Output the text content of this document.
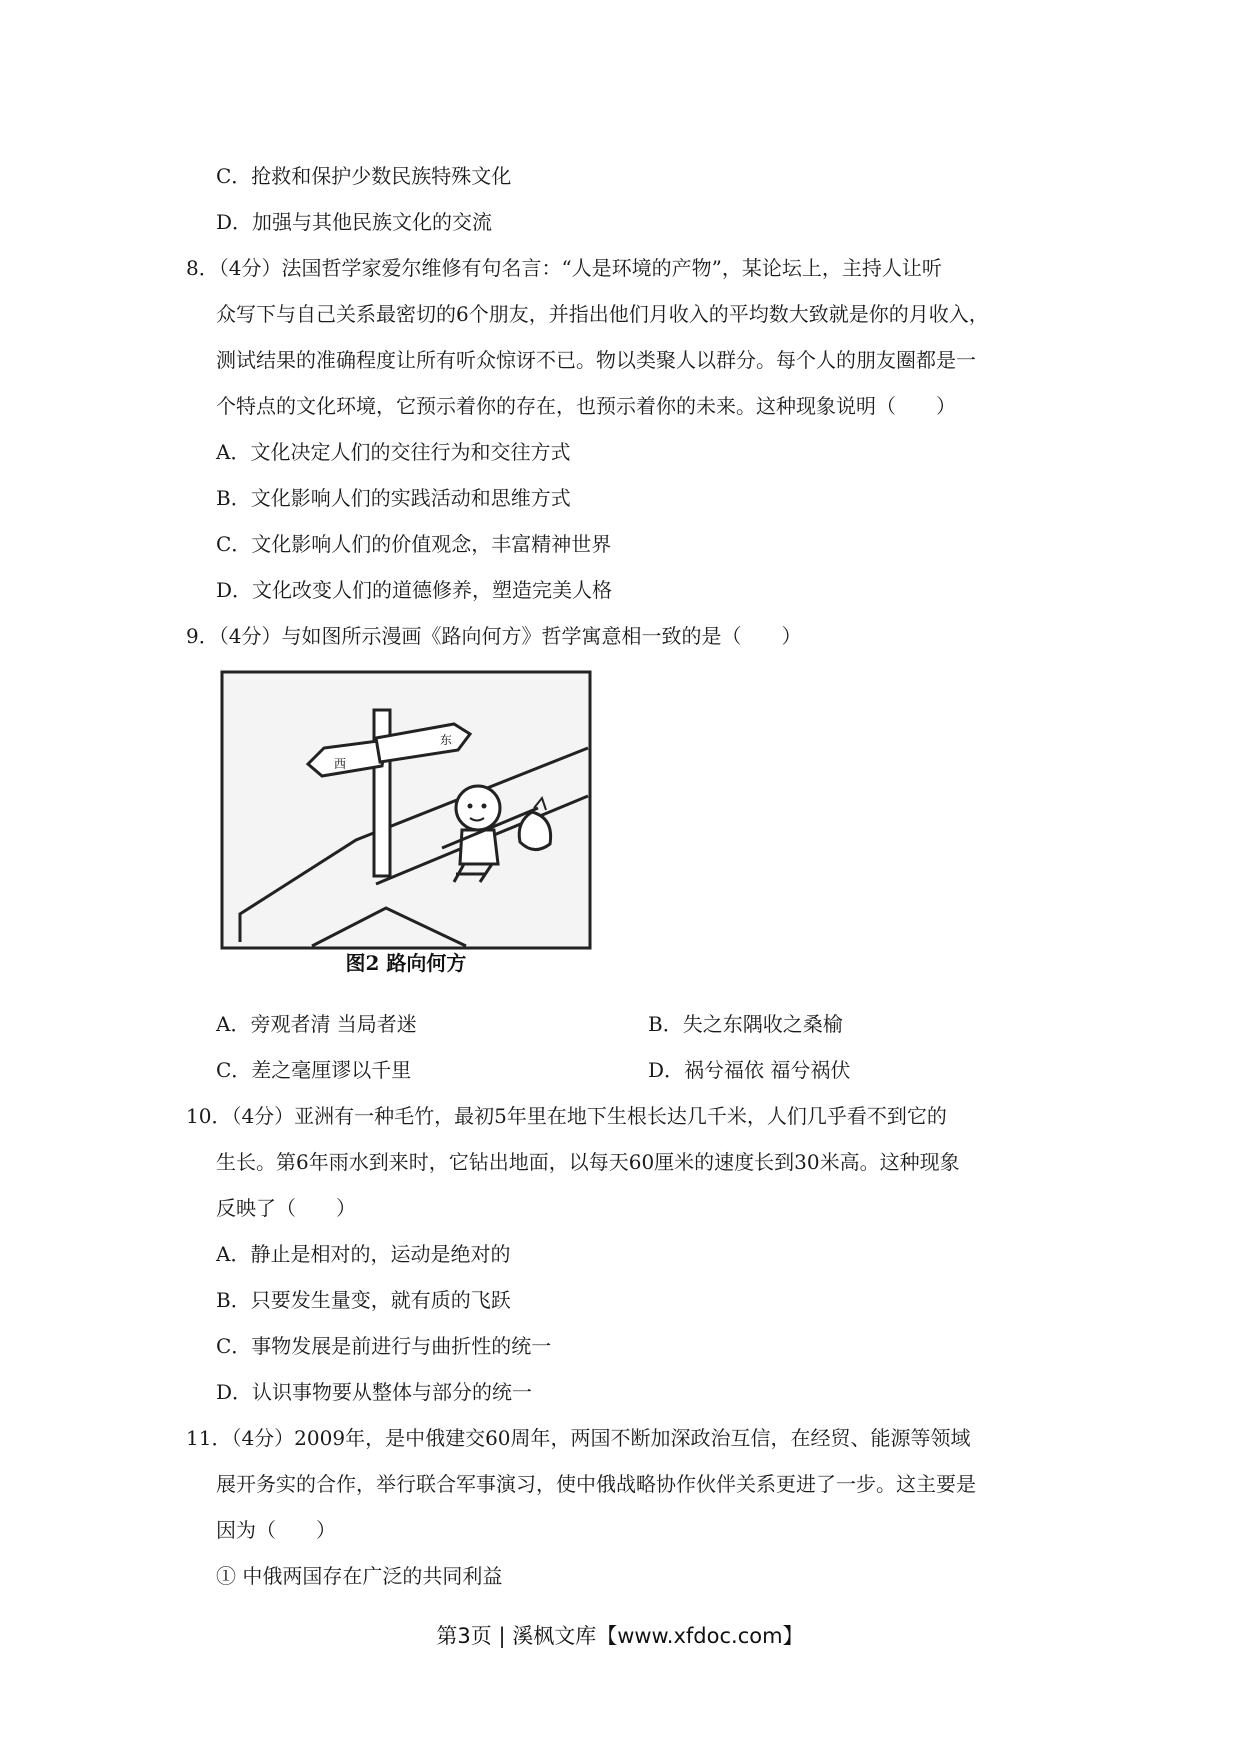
C．抢救和保护少数民族特殊文化
D．加强与其他民族文化的交流
8．（4分）法国哲学家爱尔维修有句名言：“人是环境的产物”，某论坛上，主持人让听
众写下与自己关系最密切的6个朋友，并指出他们月收入的平均数大致就是你的月收入，
测试结果的准确程度让所有听众惊讶不已。物以类聚人以群分。每个人的朋友圈都是一
个特点的文化环境，它预示着你的存在，也预示着你的未来。这种现象说明（　　）
A．文化决定人们的交往行为和交往方式
B．文化影响人们的实践活动和思维方式
C．文化影响人们的价值观念，丰富精神世界
D．文化改变人们的道德修养，塑造完美人格
9．（4分）与如图所示漫画《路向何方》哲学寓意相一致的是（　　）
西
东
图2 路向何方
A．旁观者清 当局者迷	B．失之东隅收之桑榆
C．差之毫厘谬以千里	D．祸兮福依 福兮祸伏
10．（4分）亚洲有一种毛竹，最初5年里在地下生根长达几千米，人们几乎看不到它的
生长。第6年雨水到来时，它钻出地面，以每天60厘米的速度长到30米高。这种现象
反映了（　　）
A．静止是相对的，运动是绝对的
B．只要发生量变，就有质的飞跃
C．事物发展是前进行与曲折性的统一
D．认识事物要从整体与部分的统一
11．（4分）2009年，是中俄建交60周年，两国不断加深政治互信，在经贸、能源等领域
展开务实的合作，举行联合军事演习，使中俄战略协作伙伴关系更进了一步。这主要是
因为（　　）
① 中俄两国存在广泛的共同利益
第3页 | 溪枫文库【www.xfdoc.com】
